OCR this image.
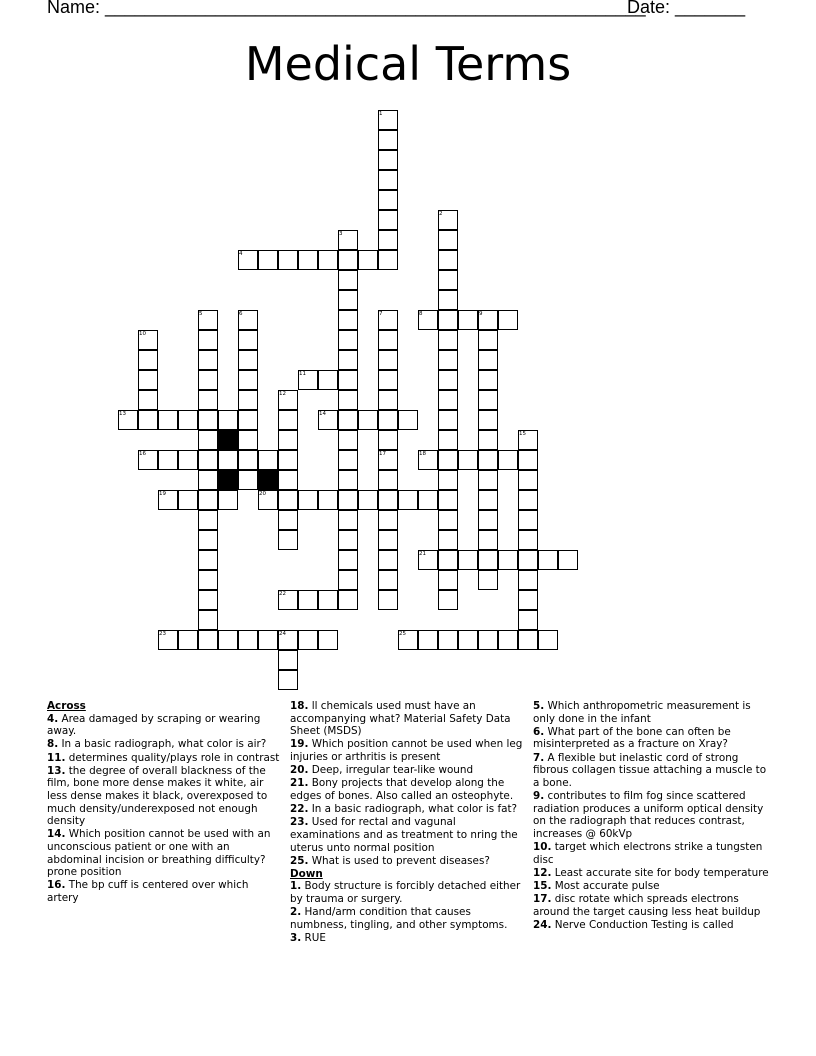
Name: ______________________________________________________
Date: _______
Medical Terms
1
2
3
4
5	6	7	8	9
10
11
12
13	14
15
16	17	18
19	20
21
22
23	24	25
Across
4. Area damaged by scraping or wearing away.
8. In a basic radiograph, what color is air?
11. determines quality/plays role in contrast
13. the degree of overall blackness of the film, bone more dense makes it white, air less dense makes it black, overexposed to much density/underexposed not enough density
14. Which position cannot be used with an unconscious patient or one with an abdominal incision or breathing difficulty? prone position
16. The bp cuff is centered over which artery
18. ll chemicals used must have an accompanying what? Material Safety Data Sheet (MSDS)
19. Which position cannot be used when leg injuries or arthritis is present
20. Deep, irregular tear-like wound
21. Bony projects that develop along the edges of bones. Also called an osteophyte.
22. In a basic radiograph, what color is fat?
23. Used for rectal and vagunal examinations and as treatment to nring the uterus unto normal position
25. What is used to prevent diseases?
Down
1. Body structure is forcibly detached either by trauma or surgery.
2. Hand/arm condition that causes numbness, tingling, and other symptoms.
3. RUE
5. Which anthropometric measurement is only done in the infant
6. What part of the bone can often be misinterpreted as a fracture on Xray?
7. A flexible but inelastic cord of strong fibrous collagen tissue attaching a muscle to a bone.
9. contributes to film fog since scattered radiation produces a uniform optical density on the radiograph that reduces contrast, increases @ 60kVp
10. target which electrons strike a tungsten disc
12. Least accurate site for body temperature
15. Most accurate pulse
17. disc rotate which spreads electrons around the target causing less heat buildup
24. Nerve Conduction Testing is called
